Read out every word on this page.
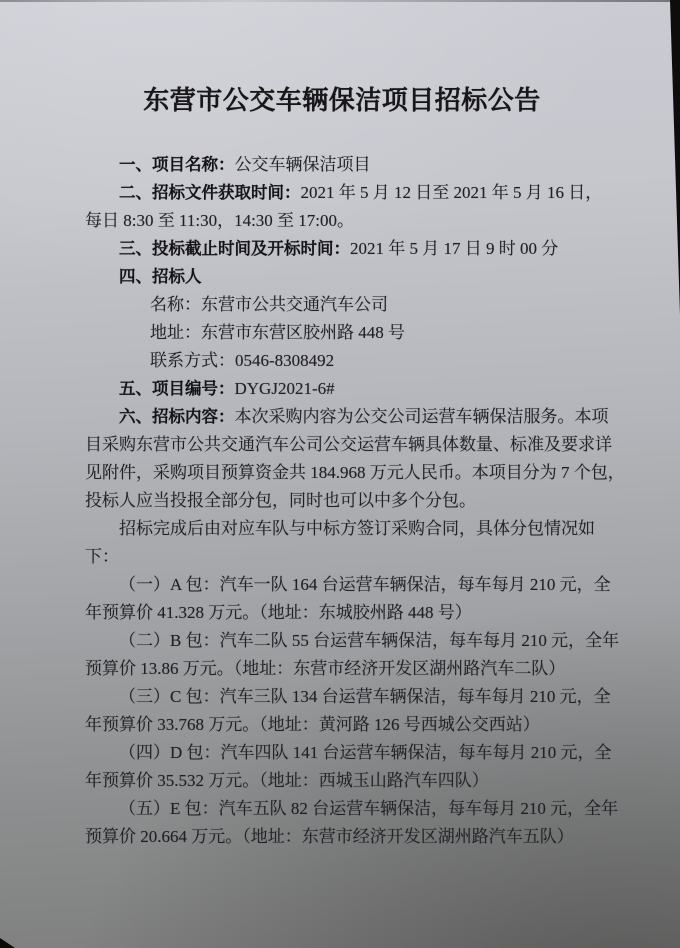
东营市公交车辆保洁项目招标公告
一、项目名称：公交车辆保洁项目
二、招标文件获取时间：2021 年 5 月 12 日至 2021 年 5 月 16 日，
每日 8:30 至 11:30，14:30 至 17:00。
三、投标截止时间及开标时间：2021 年 5 月 17 日 9 时 00 分
四、招标人
名称：东营市公共交通汽车公司
地址：东营市东营区胶州路 448 号
联系方式：0546-8308492
五、项目编号：DYGJ2021-6#
六、招标内容：本次采购内容为公交公司运营车辆保洁服务。本项
目采购东营市公共交通汽车公司公交运营车辆具体数量、标准及要求详
见附件，采购项目预算资金共 184.968 万元人民币。本项目分为 7 个包，
投标人应当投报全部分包，同时也可以中多个分包。
招标完成后由对应车队与中标方签订采购合同，具体分包情况如
下：
（一）A 包：汽车一队 164 台运营车辆保洁，每车每月 210 元，全
年预算价 41.328 万元。（地址：东城胶州路 448 号）
（二）B 包：汽车二队 55 台运营车辆保洁，每车每月 210 元，全年
预算价 13.86 万元。（地址：东营市经济开发区湖州路汽车二队）
（三）C 包：汽车三队 134 台运营车辆保洁，每车每月 210 元，全
年预算价 33.768 万元。（地址：黄河路 126 号西城公交西站）
（四）D 包：汽车四队 141 台运营车辆保洁，每车每月 210 元，全
年预算价 35.532 万元。（地址：西城玉山路汽车四队）
（五）E 包：汽车五队 82 台运营车辆保洁，每车每月 210 元，全年
预算价 20.664 万元。（地址：东营市经济开发区湖州路汽车五队）
